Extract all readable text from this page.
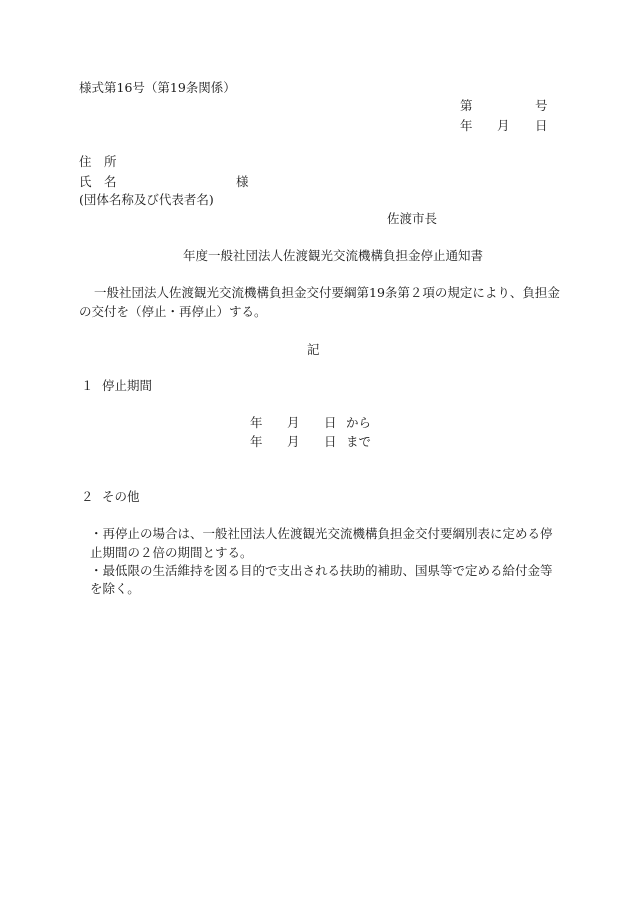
様式第16号（第19条関係）
第	号
年 月 日
住　所
氏　名	様
(団体名称及び代表者名)
佐渡市長
年度一般社団法人佐渡観光交流機構負担金停止通知書
一般社団法人佐渡観光交流機構負担金交付要綱第19条第２項の規定により、負担金
の交付を（停止・再停止）する。
記
１ 停止期間
年 月 日 から
年 月 日 まで
２ その他
・再停止の場合は、一般社団法人佐渡観光交流機構負担金交付要綱別表に定める停
止期間の２倍の期間とする。
・最低限の生活維持を図る目的で支出される扶助的補助、国県等で定める給付金等
を除く。
